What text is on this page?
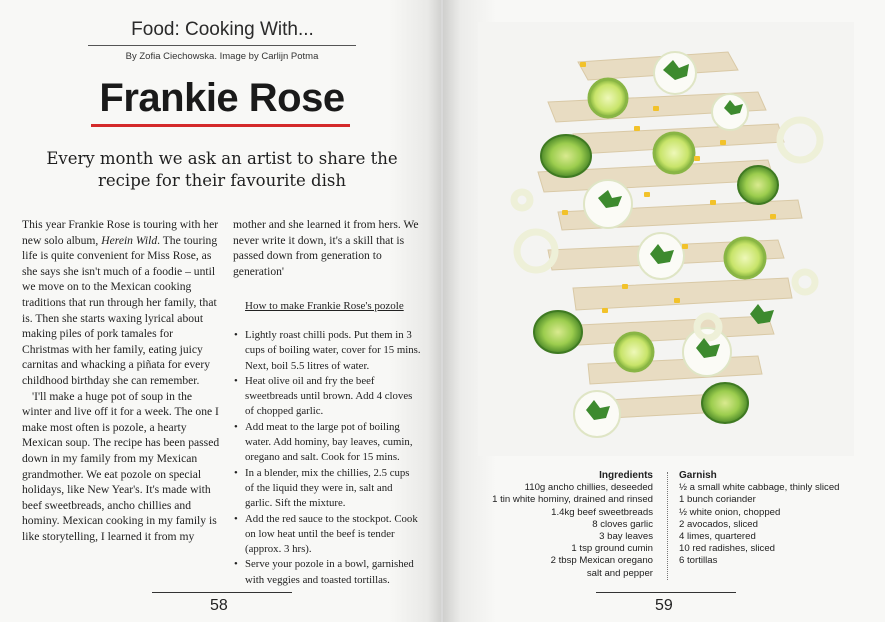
Food: Cooking With...
By Zofia Ciechowska. Image by Carlijn Potma
Frankie Rose
Every month we ask an artist to share the recipe for their favourite dish

This year Frankie Rose is touring with her new solo album, Herein Wild. The touring life is quite convenient for Miss Rose, as she says she isn't much of a foodie – until we move on to the Mexican cooking traditions that run through her family, that is. Then she starts waxing lyrical about making piles of pork tamales for Christmas with her family, eating juicy carnitas and whacking a piñata for every childhood birthday she can remember.

'I'll make a huge pot of soup in the winter and live off it for a week. The one I make most often is pozole, a hearty Mexican soup. The recipe has been passed down in my family from my Mexican grandmother. We eat pozole on special holidays, like New Year's. It's made with beef sweetbreads, ancho chillies and hominy. Mexican cooking in my family is like storytelling, I learned it from my

mother and she learned it from hers. We never write it down, it's a skill that is passed down from generation to generation'

How to make Frankie Rose's pozole

• Lightly roast chilli pods. Put them in 3 cups of boiling water, cover for 15 mins. Next, boil 5.5 litres of water.
• Heat olive oil and fry the beef sweetbreads until brown. Add 4 cloves of chopped garlic.
• Add meat to the large pot of boiling water. Add hominy, bay leaves, cumin, oregano and salt. Cook for 15 mins.
• In a blender, mix the chillies, 2.5 cups of the liquid they were in, salt and garlic. Sift the mixture.
• Add the red sauce to the stockpot. Cook on low heat until the beef is tender (approx. 3 hrs).
• Serve your pozole in a bowl, garnished with veggies and toasted tortillas.
58
Ingredients
110g ancho chillies, deseeded
1 tin white hominy, drained and rinsed
1.4kg beef sweetbreads
8 cloves garlic
3 bay leaves
1 tsp ground cumin
2 tbsp Mexican oregano
salt and pepper
Garnish
½ a small white cabbage, thinly sliced
1 bunch coriander
½ white onion, chopped
2 avocados, sliced
4 limes, quartered
10 red radishes, sliced
6 tortillas
59
